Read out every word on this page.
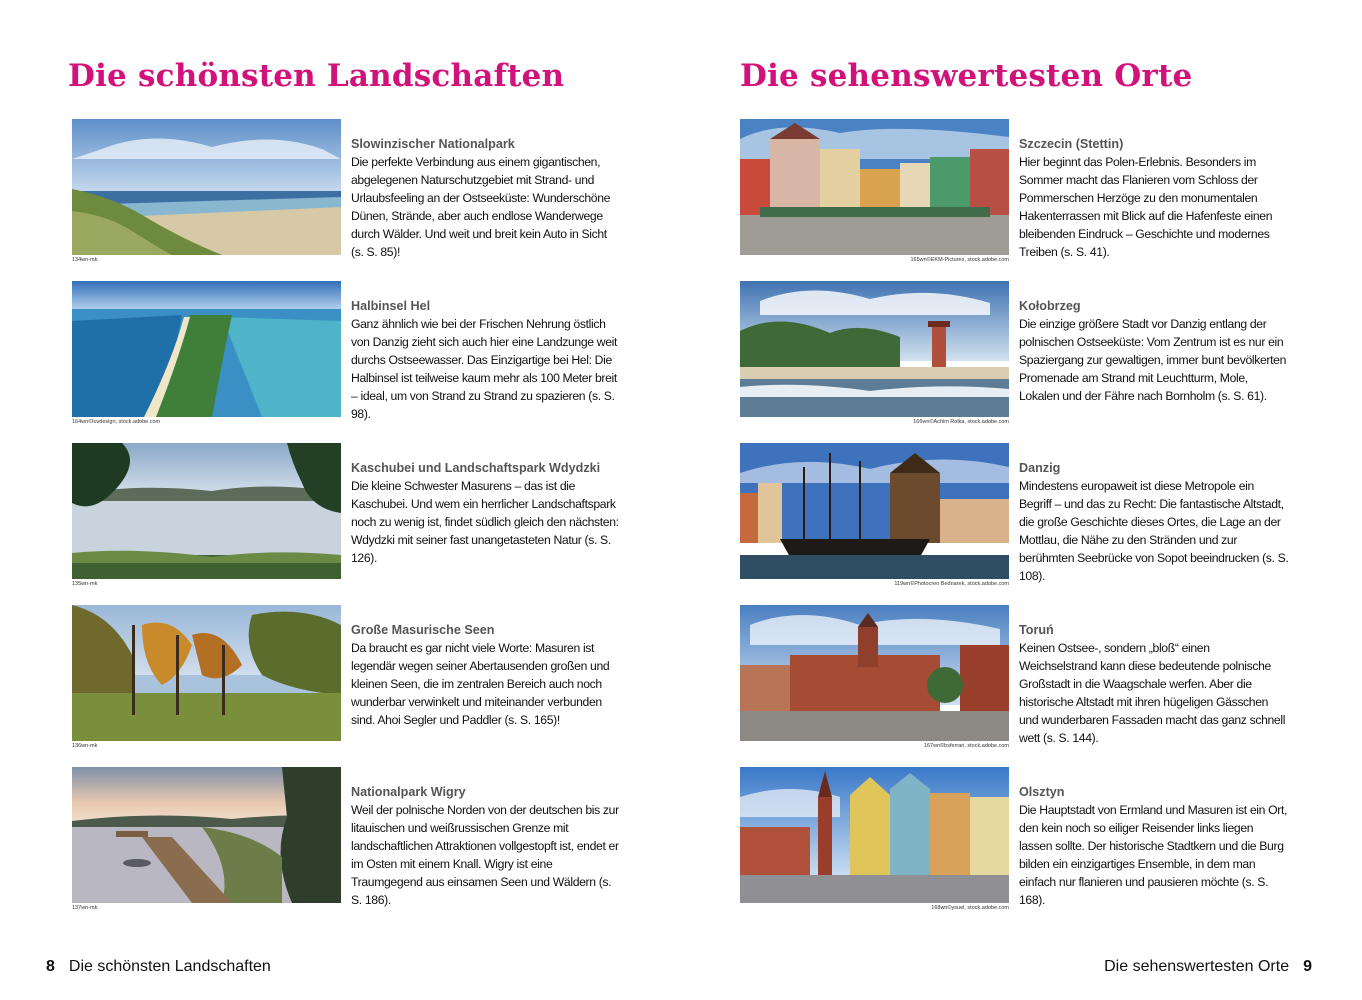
Die schönsten Landschaften
134wn-mk

Slowinzischer Nationalpark

Die perfekte Verbindung aus einem gigantischen, abgelegenen Naturschutzgebiet mit Strand- und Urlaubsfeeling an der Ostseeküste: Wunderschöne Dünen, Strände, aber auch endlose Wanderwege durch Wälder. Und weit und breit kein Auto in Sicht (s. S. 85)!

164wn©luvdesign, stock.adobe.com

Halbinsel Hel

Ganz ähnlich wie bei der Frischen Nehrung östlich von Danzig zieht sich auch hier eine Landzunge weit durchs Ostseewasser. Das Einzigartige bei Hel: Die Halbinsel ist teilweise kaum mehr als 100 Meter breit – ideal, um von Strand zu Strand zu spazieren (s. S. 98).

135wn-mk

Kaschubei und Landschaftspark Wdydzki

Die kleine Schwester Masurens – das ist die Kaschubei. Und wem ein herrlicher Landschaftspark noch zu wenig ist, findet südlich gleich den nächsten: Wdydzki mit seiner fast unangetasteten Natur (s. S. 126).

136wn-mk

Große Masurische Seen

Da braucht es gar nicht viele Worte: Masuren ist legendär wegen seiner Abertausenden großen und kleinen Seen, die im zentralen Bereich auch noch wunderbar verwinkelt und miteinander verbunden sind. Ahoi Segler und Paddler (s. S. 165)!

137wn-mk

Nationalpark Wigry

Weil der polnische Norden von der deutschen bis zur litauischen und weißrussischen Grenze mit landschaftlichen Attraktionen vollgestopft ist, endet er im Osten mit einem Knall. Wigry ist eine Traumgegend aus einsamen Seen und Wäldern (s. S. 186).

8 Die schönsten Landschaften
Die sehenswertesten Orte
165wn©EKM-Pictures, stock.adobe.com

Szczecin (Stettin)

Hier beginnt das Polen-Erlebnis. Besonders im Sommer macht das Flanieren vom Schloss der Pommerschen Herzöge zu den monumentalen Hakenterrassen mit Blick auf die Hafenfeste einen bleibenden Eindruck – Geschichte und modernes Treiben (s. S. 41).

166wn©Achim Rolka, stock.adobe.com

Kołobrzeg

Die einzige größere Stadt vor Danzig entlang der polnischen Ostseeküste: Vom Zentrum ist es nur ein Spaziergang zur gewaltigen, immer bunt bevölkerten Promenade am Strand mit Leuchtturm, Mole, Lokalen und der Fähre nach Bornholm (s. S. 61).

119wn©Photocreo Bednarek, stock.adobe.com

Danzig

Mindestens europaweit ist diese Metropole ein Begriff – und das zu Recht: Die fantastische Altstadt, die große Geschichte dieses Ortes, die Lage an der Mottlau, die Nähe zu den Stränden und zur berühmten Seebrücke von Sopot beeindrucken (s. S. 108).

167wn©bsferrari, stock.adobe.com

Toruń

Keinen Ostsee-, sondern „bloß“ einen Weichselstrand kann diese bedeutende polnische Großstadt in die Waagschale werfen. Aber die historische Altstadt mit ihren hügeligen Gässchen und wunderbaren Fassaden macht das ganz schnell wett (s. S. 144).

168wn©ysuel, stock.adobe.com

Olsztyn

Die Hauptstadt von Ermland und Masuren ist ein Ort, den kein noch so eiliger Reisender links liegen lassen sollte. Der historische Stadtkern und die Burg bilden ein einzigartiges Ensemble, in dem man einfach nur flanieren und pausieren möchte (s. S. 168).

Die sehenswertesten Orte 9
